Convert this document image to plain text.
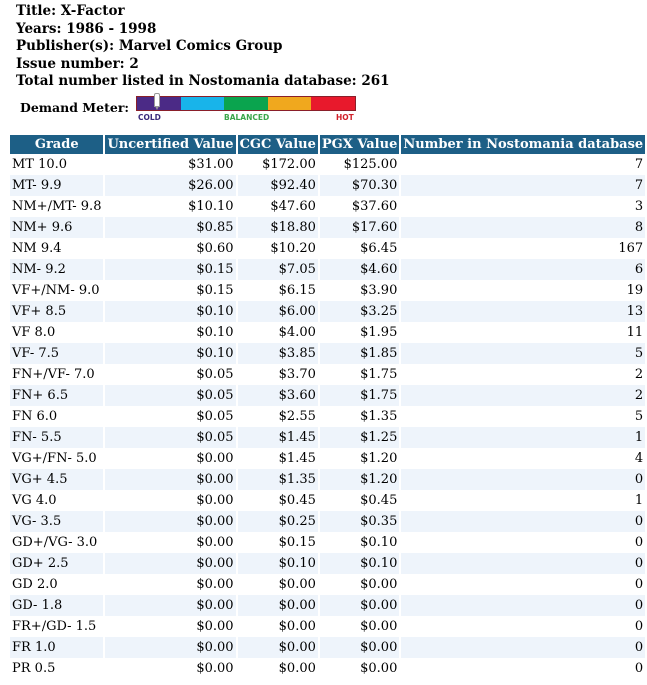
Title: X-Factor
Years: 1986 - 1998
Publisher(s): Marvel Comics Group
Issue number: 2
Total number listed in Nostomania database: 261
Demand Meter:
COLD	BALANCED	HOT
Grade	Uncertified Value	CGC Value	PGX Value	Number in Nostomania database
MT 10.0	$31.00	$172.00	$125.00	7
MT- 9.9	$26.00	$92.40	$70.30	7
NM+/MT- 9.8	$10.10	$47.60	$37.60	3
NM+ 9.6	$0.85	$18.80	$17.60	8
NM 9.4	$0.60	$10.20	$6.45	167
NM- 9.2	$0.15	$7.05	$4.60	6
VF+/NM- 9.0	$0.15	$6.15	$3.90	19
VF+ 8.5	$0.10	$6.00	$3.25	13
VF 8.0	$0.10	$4.00	$1.95	11
VF- 7.5	$0.10	$3.85	$1.85	5
FN+/VF- 7.0	$0.05	$3.70	$1.75	2
FN+ 6.5	$0.05	$3.60	$1.75	2
FN 6.0	$0.05	$2.55	$1.35	5
FN- 5.5	$0.05	$1.45	$1.25	1
VG+/FN- 5.0	$0.00	$1.45	$1.20	4
VG+ 4.5	$0.00	$1.35	$1.20	0
VG 4.0	$0.00	$0.45	$0.45	1
VG- 3.5	$0.00	$0.25	$0.35	0
GD+/VG- 3.0	$0.00	$0.15	$0.10	0
GD+ 2.5	$0.00	$0.10	$0.10	0
GD 2.0	$0.00	$0.00	$0.00	0
GD- 1.8	$0.00	$0.00	$0.00	0
FR+/GD- 1.5	$0.00	$0.00	$0.00	0
FR 1.0	$0.00	$0.00	$0.00	0
PR 0.5	$0.00	$0.00	$0.00	0
